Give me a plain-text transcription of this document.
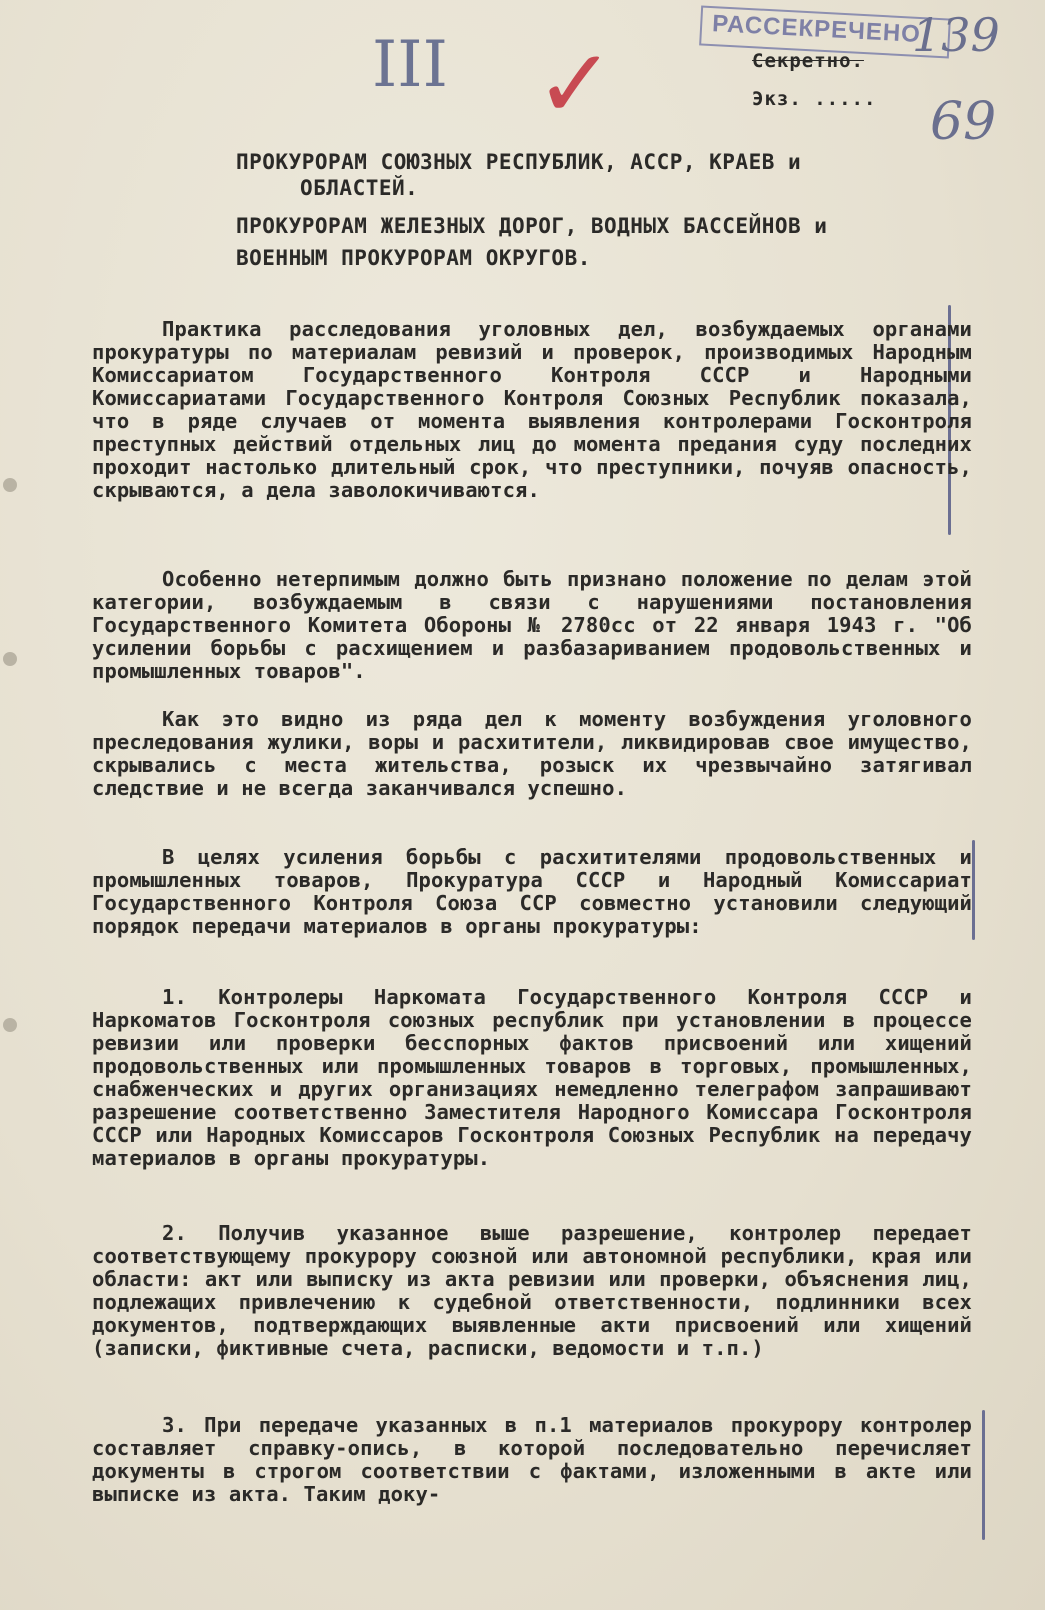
РАССЕКРЕЧЕНО
III ✓	139
69
Секретно.
Экз. .....
ПРОКУРОРАМ СОЮЗНЫХ РЕСПУБЛИК, АССР, КРАЕВ и
ОБЛАСТЕЙ.
ПРОКУРОРАМ ЖЕЛЕЗНЫХ ДОРОГ, ВОДНЫХ БАССЕЙНОВ и
ВОЕННЫМ ПРОКУРОРАМ ОКРУГОВ.
Практика расследования уголовных дел, возбуждаемых органами прокуратуры по материалам ревизий и проверок, производимых Народным Комиссариатом Государственного Контроля СССР и Народными Комиссариатами Государственного Контроля Союзных Республик показала, что в ряде случаев от момента выявления контролерами Госконтроля преступных действий отдельных лиц до момента предания суду последних проходит настолько длительный срок, что преступники, почуяв опасность, скрываются, а дела заволокичиваются.
Особенно нетерпимым должно быть признано положение по делам этой категории, возбуждаемым в связи с нарушениями постановления Государственного Комитета Обороны № 2780сс от 22 января 1943 г. "Об усилении борьбы с расхищением и разбазариванием продовольственных и промышленных товаров".
Как это видно из ряда дел к моменту возбуждения уголовного преследования жулики, воры и расхитители, ликвидировав свое имущество, скрывались с места жительства, розыск их чрезвычайно затягивал следствие и не всегда заканчивался успешно.
В целях усиления борьбы с расхитителями продовольственных и промышленных товаров, Прокуратура СССР и Народный Комиссариат Государственного Контроля Союза ССР совместно установили следующий порядок передачи материалов в органы прокуратуры:
1. Контролеры Наркомата Государственного Контроля СССР и Наркоматов Госконтроля союзных республик при установлении в процессе ревизии или проверки бесспорных фактов присвоений или хищений продовольственных или промышленных товаров в торговых, промышленных, снабженческих и других организациях немедленно телеграфом запрашивают разрешение соответственно Заместителя Народного Комиссара Госконтроля СССР или Народных Комиссаров Госконтроля Союзных Республик на передачу материалов в органы прокуратуры.
2. Получив указанное выше разрешение, контролер передает соответствующему прокурору союзной или автономной республики, края или области: акт или выписку из акта ревизии или проверки, объяснения лиц, подлежащих привлечению к судебной ответственности, подлинники всех документов, подтверждающих выявленные акти присвоений или хищений (записки, фиктивные счета, расписки, ведомости и т.п.)
3. При передаче указанных в п.1 материалов прокурору контролер составляет справку-опись, в которой последовательно перечисляет документы в строгом соответствии с фактами, изложенными в акте или выписке из акта. Таким доку-
